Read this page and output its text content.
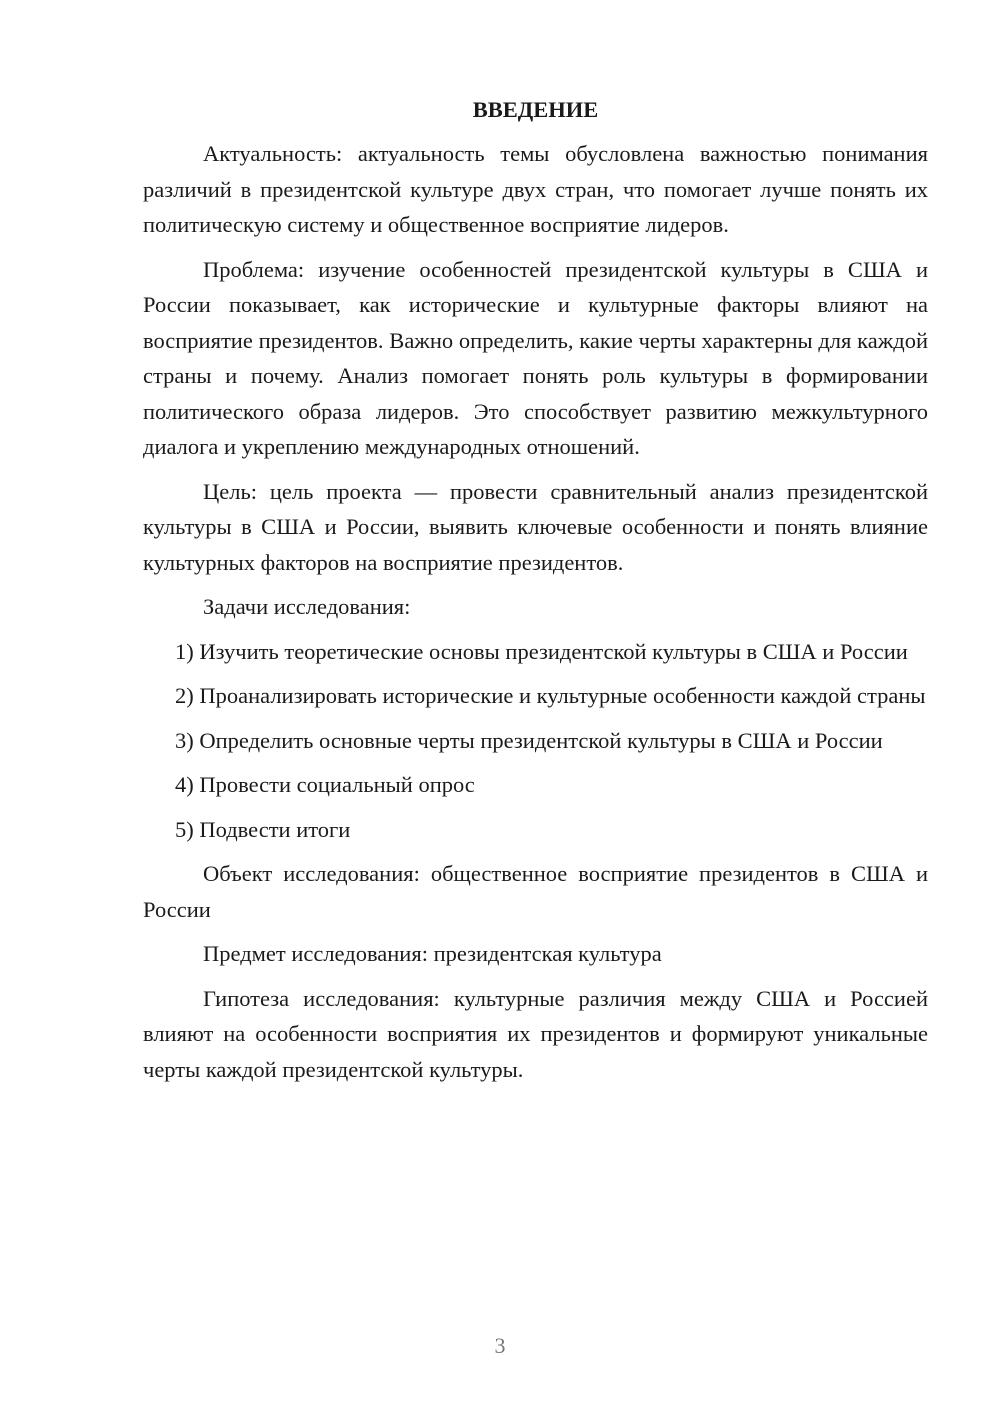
ВВЕДЕНИЕ

Актуальность: актуальность темы обусловлена важностью понимания различий в президентской культуре двух стран, что помогает лучше понять их политическую систему и общественное восприятие лидеров.

Проблема: изучение особенностей президентской культуры в США и России показывает, как исторические и культурные факторы влияют на восприятие президентов. Важно определить, какие черты характерны для каждой страны и почему. Анализ помогает понять роль культуры в формировании политического образа лидеров. Это способствует развитию межкультурного диалога и укреплению международных отношений.

Цель: цель проекта — провести сравнительный анализ президентской культуры в США и России, выявить ключевые особенности и понять влияние культурных факторов на восприятие президентов.

Задачи исследования:

1) Изучить теоретические основы президентской культуры в США и России

2) Проанализировать исторические и культурные особенности каждой страны

3) Определить основные черты президентской культуры в США и России

4) Провести социальный опрос

5) Подвести итоги

Объект исследования: общественное восприятие президентов в США и России

Предмет исследования: президентская культура

Гипотеза исследования: культурные различия между США и Россией влияют на особенности восприятия их президентов и формируют уникальные черты каждой президентской культуры.

3
